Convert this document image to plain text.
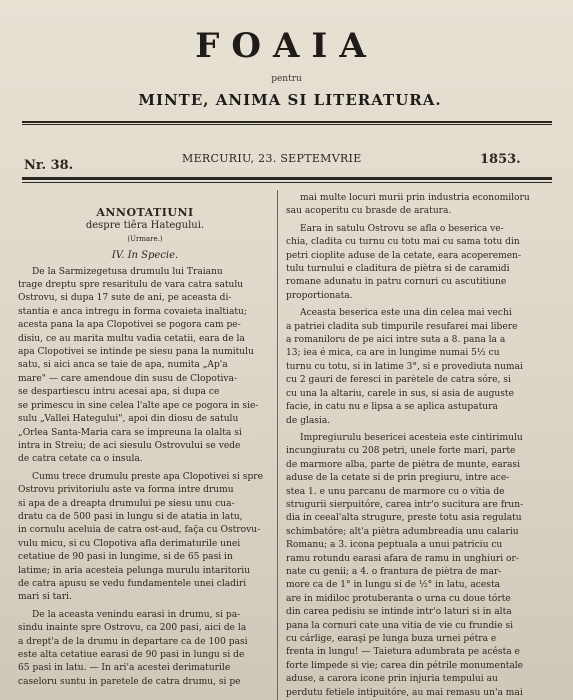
FOAIA
pentru
MINTE, ANIMA SI LITERATURA.
Nr. 38.	MERCURIU, 23. SEPTEMVRIE	1853.
ANNOTATIUNI
despre tiêra Hategului.
(Urmare.)
IV. In Specie.
De la Sarmizegetusa drumulu lui Traianu
trage dreptu spre resaritulu de vara catra satulu
Ostrovu, si dupa 17 sute de ani, pe aceasta di-
stantia e anca intregu in forma covaieta inaltiatu;
acesta pana la apa Clopotivei se pogora cam pe-
disiu, ce au marita multu vadia cetatii, eara de la
apa Clopotivei se intinde pe siesu pana la numitulu
satu, si aici anca se taie de apa, numita „Ap'a
mare" — care amendoue din susu de Clopotiva-
se despartiescu intru acesai apa, si dupa ce
se primescu in sine celea l'alte ape ce pogora in sie-
sulu „Vallei Hategului", apoi din diosu de satulu
„Orlea Santa-Maria cara se impreuna la olalta si
intra in Streiu; de aci siesulu Ostrovului se vede
de catra cetate ca o insula.
Cumu trece drumulu preste apa Clopotivei si spre
Ostrovu privitoriulu aste va forma intre drumu
si apa de a dreapta drumului pe siesu unu cua-
dratu ca de 500 pasi in lungu si de atatia in latu,
in cornulu aceluia de catra ost-aud, faç̆a cu Ostrovu-
vulu micu, si cu Clopotiva afla derimaturile unei
cetatiue de 90 pasi in lungime, si de 65 pasi in
latime; in aria acesteia pelunga murulu intaritoriu
de catra apusu se vedu fundamentele unei cladiri
mari si tari.
De la aceasta venindu earasi in drumu, si pa-
sindu inainte spre Ostrovu, ca 200 pasi, aici de la
a drept'a de la drumu in departare ca de 100 pasi
este alta cetatiue earasi de 90 pasi in lungu si de
65 pasi in latu. — In ari'a acestei derimaturile
caseloru suntu in paretele de catra drumu, si pe
mai multe locuri murii prin industria economiloru
sau acoperitu cu brasde de aratura.
Eara in satulu Ostrovu se afla o beserica ve-
chia, cladita cu turnu cu totu mai cu sama totu din
petri cioplite aduse de la cetate, eara acoperemen-
tulu turnului e claditura de piètra si de caramidi
romane adunatu in patru cornuri cu ascutitiune
proportionata.
Aceasta beserica este una din celea mai vechi
a patriei cladita sub timpurile resufarei mai libere
a romaniloru de pe aici intre suta a 8. pana la a
13; iea é mica, ca are in lungime numai 5½ cu
turnu cu totu, si in latime 3°, si e provediuta numai
cu 2 gauri de feresci in parètele de catra sóre, si
cu una la altariu, carele in sus, si asia de auguste
facie, in catu nu e lipsa a se aplica astupatura
de glasia.
Impregiurulu besericei acesteia este cintirimulu
incungiuratu cu 208 petri, unele forte mari, parte
de marmore alba, parte de piètra de munte, earasi
aduse de la cetate si de prin pregiuru, intre ace-
stea 1. e unu parcanu de marmore cu o vitia de
strugurii sierpuitóre, carea intr'o sucitura are frun-
dia in ceeal'alta strugure, preste totu asia regulatu
schimbatóre; alt'a piètra adumbreadia unu calariu
Romanu; a 3. icona peptuala a unui patriciu cu
ramu rotundu earasi afara de ramu in unghiuri or-
nate cu genii; a 4. o frantura de piètra de mar-
more ca de 1° in lungu si de ½° in latu, acesta
are in midiloc protuberanta o urna cu doue tórte
din carea pedisiu se intinde intr'o laturi si in alta
pana la cornuri cate una vitia de vie cu frundie si
cu cárlige, earaşi pe lunga buza urnei pétra e
frenta in lungu! — Taietura adumbrata pe acésta e
forte limpede si vie; carea din pétrile monumentale
aduse, a carora icone prin injuria tempului au
perdutu fetiele intipuitóre, au mai remasu un'a mai
